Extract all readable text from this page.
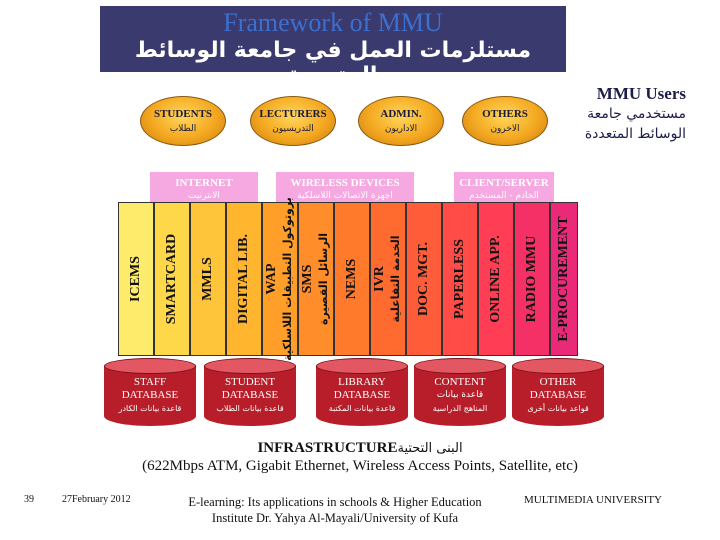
Framework of MMU
مستلزمات العمل في جامعة الوسائط المتعددة
MMU Users
مستخدمي جامعة
الوسائط المتعددة
STUDENTS
الطلاب
LECTURERS
التدريسيون
ADMIN.
الاداريون
OTHERS
الاخرون
INTERNET
الانترنيت
WIRELESS DEVICES
اجهزة الاتصالات اللاسلكية
CLIENT/SERVER
الخادم - المستخدم
ICEMS SMARTCARD MMLS DIGITAL LIB. WAP بروتوكول التطبيقات اللاسلكية SMS الرسائل القصيرة NEMS IVR الخدمة التفاعلية DOC. MGT. PAPERLESS ONLINE APP. RADIO MMU E-PROCUREMENT
STAFF
DATABASE
قاعدة بيانات الكادر
STUDENT
DATABASE
قاعدة بيانات الطلاب
LIBRARY
DATABASE
قاعدة بيانات المكتبة
CONTENT
قاعدة بيانات
المناهج الدراسية
OTHER
DATABASE
قواعد بيانات أخرى
INFRASTRUCTUREالبنى التحتية
(622Mbps ATM, Gigabit Ethernet, Wireless Access Points, Satellite, etc)
39	27February 2012	E-learning: Its applications in schools & Higher Education
Institute Dr. Yahya Al-Mayali/University of Kufa
MULTIMEDIA UNIVERSITY
